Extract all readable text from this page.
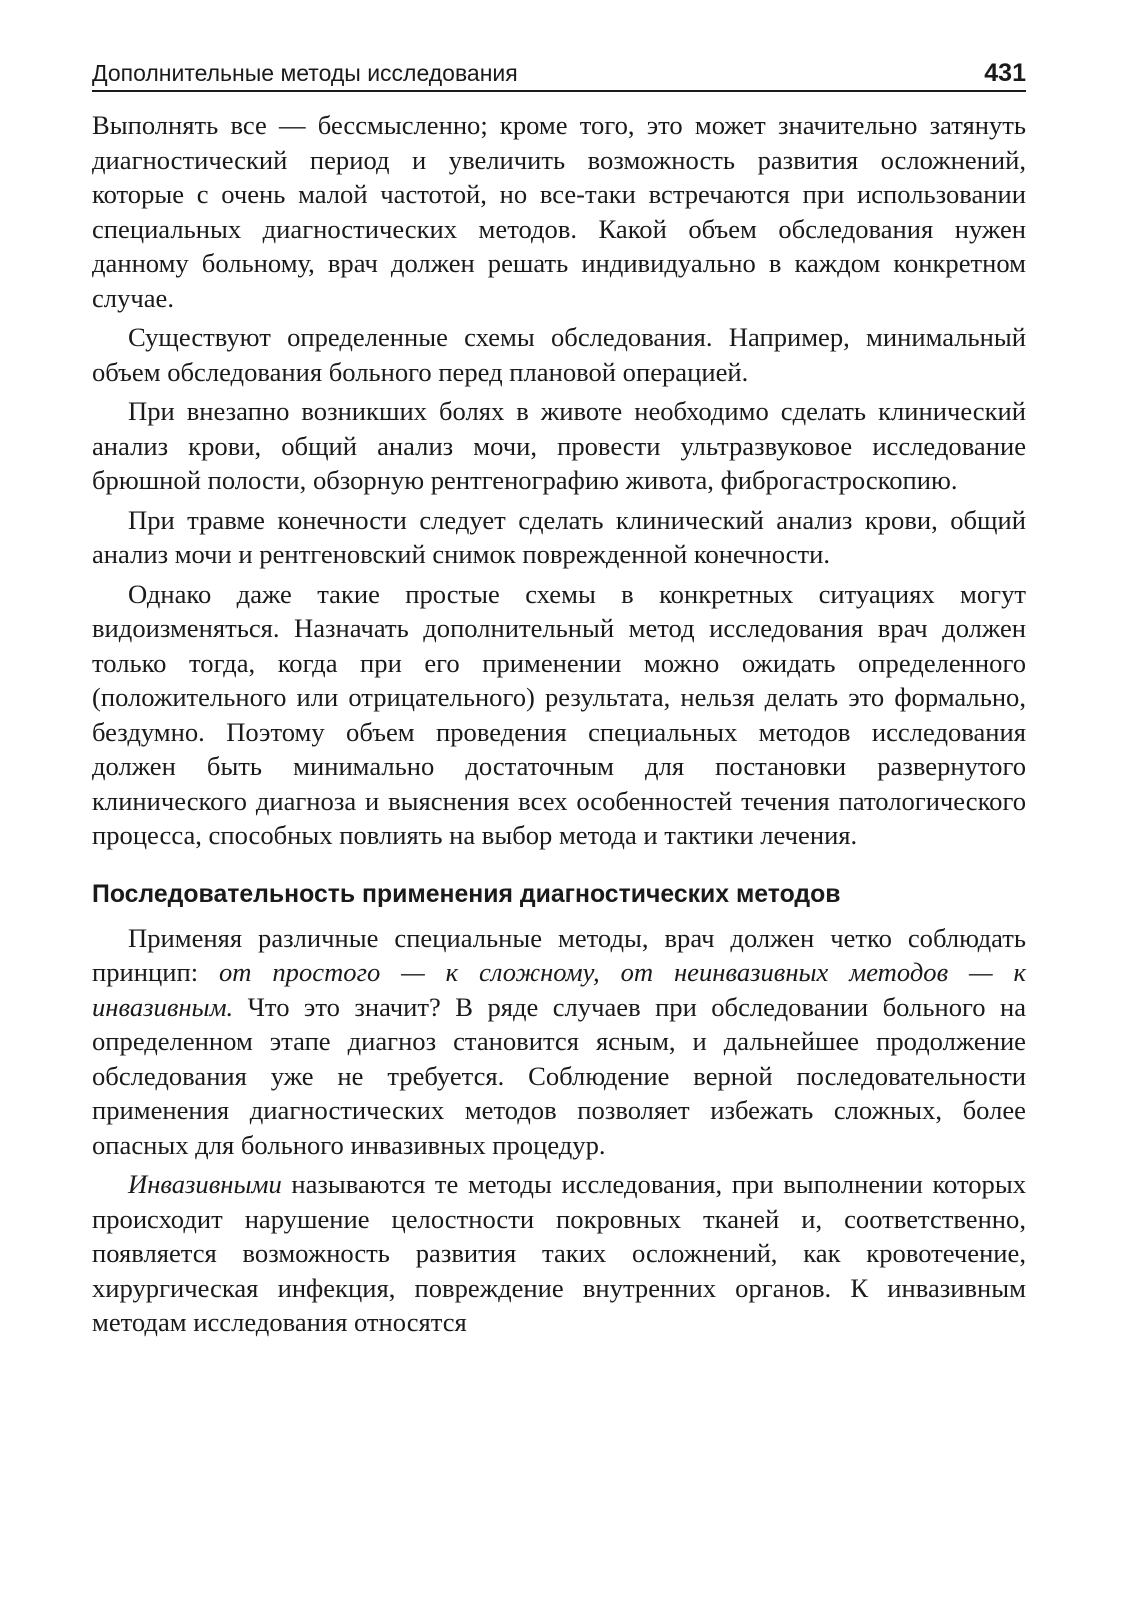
Дополнительные методы исследования	431

Выполнять все — бессмысленно; кроме того, это может значительно затянуть диагностический период и увеличить возможность развития осложнений, которые с очень малой частотой, но все-таки встречаются при использовании специальных диагностических методов. Какой объем обследования нужен данному больному, врач должен решать индивидуально в каждом конкретном случае.

Существуют определенные схемы обследования. Например, минимальный объем обследования больного перед плановой операцией.

При внезапно возникших болях в животе необходимо сделать клинический анализ крови, общий анализ мочи, провести ультразвуковое исследование брюшной полости, обзорную рентгенографию живота, фиброгастроскопию.

При травме конечности следует сделать клинический анализ крови, общий анализ мочи и рентгеновский снимок поврежденной конечности.

Однако даже такие простые схемы в конкретных ситуациях могут видоизменяться. Назначать дополнительный метод исследования врач должен только тогда, когда при его применении можно ожидать определенного (положительного или отрицательного) результата, нельзя делать это формально, бездумно. Поэтому объем проведения специальных методов исследования должен быть минимально достаточным для постановки развернутого клинического диагноза и выяснения всех особенностей течения патологического процесса, способных повлиять на выбор метода и тактики лечения.

Последовательность применения диагностических методов

Применяя различные специальные методы, врач должен четко соблюдать принцип: от простого — к сложному, от неинвазивных методов — к инвазивным. Что это значит? В ряде случаев при обследовании больного на определенном этапе диагноз становится ясным, и дальнейшее продолжение обследования уже не требуется. Соблюдение верной последовательности применения диагностических методов позволяет избежать сложных, более опасных для больного инвазивных процедур.

Инвазивными называются те методы исследования, при выполнении которых происходит нарушение целостности покровных тканей и, соответственно, появляется возможность развития таких осложнений, как кровотечение, хирургическая инфекция, повреждение внутренних органов. К инвазивным методам исследования относятся
